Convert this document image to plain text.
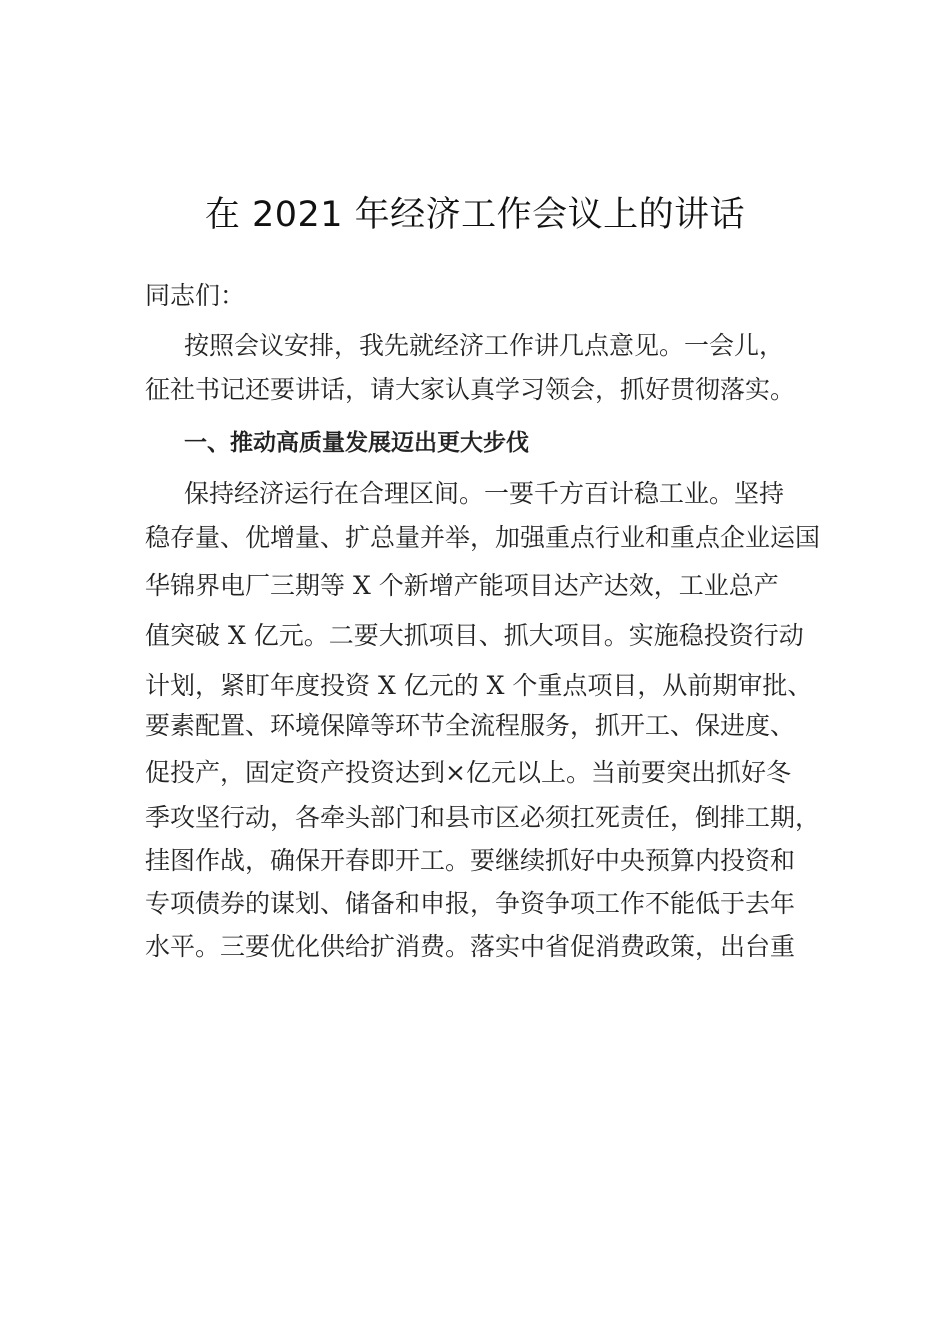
在 2021 年经济工作会议上的讲话
同志们：
按照会议安排，我先就经济工作讲几点意见。一会儿，
征社书记还要讲话，请大家认真学习领会，抓好贯彻落实。
一、推动高质量发展迈出更大步伐
保持经济运行在合理区间。一要千方百计稳工业。坚持
稳存量、优增量、扩总量并举，加强重点行业和重点企业运国
华锦界电厂三期等 X 个新增产能项目达产达效，工业总产
值突破 X 亿元。二要大抓项目、抓大项目。实施稳投资行动
计划，紧盯年度投资 X 亿元的 X 个重点项目，从前期审批、
要素配置、环境保障等环节全流程服务，抓开工、保进度、
促投产，固定资产投资达到×亿元以上。当前要突出抓好冬
季攻坚行动，各牵头部门和县市区必须扛死责任，倒排工期，
挂图作战，确保开春即开工。要继续抓好中央预算内投资和
专项债券的谋划、储备和申报，争资争项工作不能低于去年
水平。三要优化供给扩消费。落实中省促消费政策，出台重
